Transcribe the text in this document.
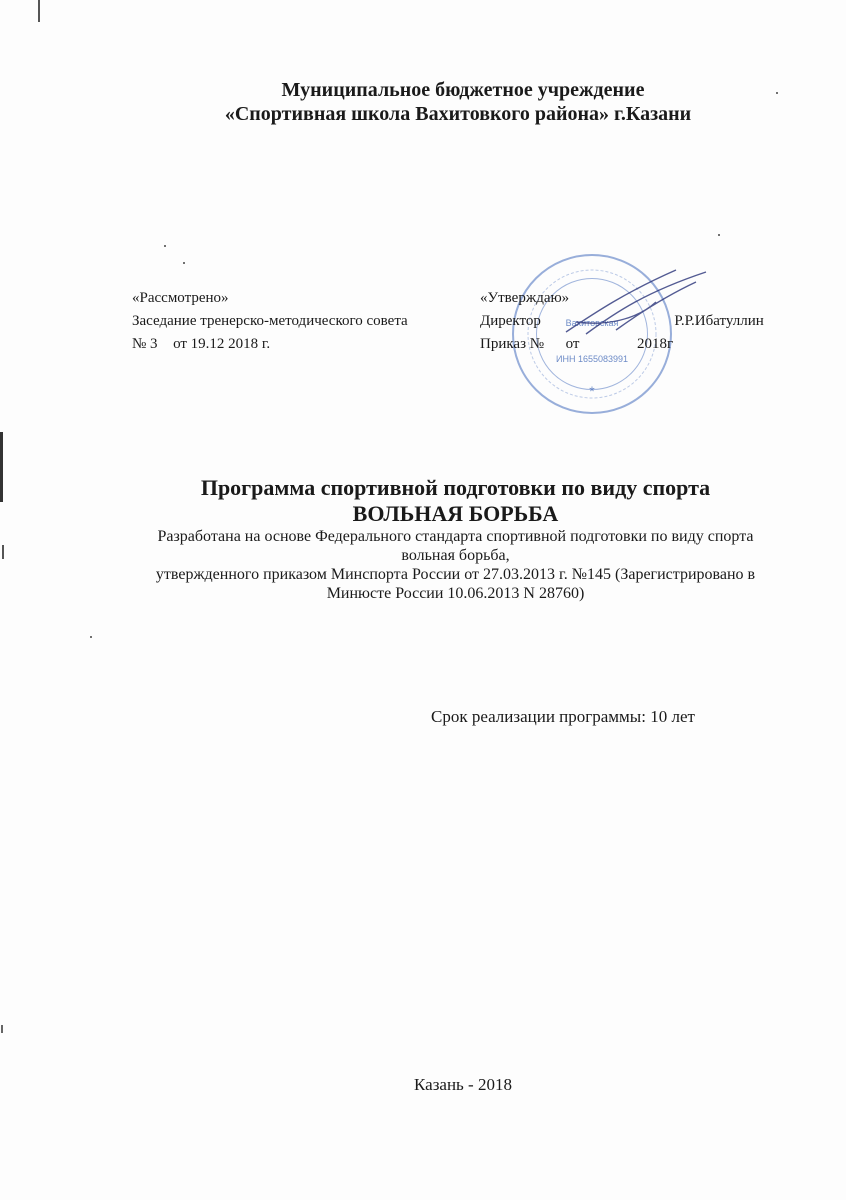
Муниципальное бюджетное учреждение
«Спортивная школа Вахитовкого района» г.Казани
«Рассмотрено»
Заседание тренерско-методического совета
№ 3 от 19.12 2018 г.
*
Вахитовская
ИНН 1655083991
«Утверждаю»
Директор	Р.Р.Ибатуллин
Приказ № от	2018г
Программа спортивной подготовки по виду спорта
ВОЛЬНАЯ БОРЬБА
Разработана на основе Федерального стандарта спортивной подготовки по виду спорта
вольная борьба,
утвержденного приказом Минспорта России от 27.03.2013 г. №145 (Зарегистрировано в
Минюсте России 10.06.2013 N 28760)
Срок реализации программы: 10 лет
Казань - 2018
